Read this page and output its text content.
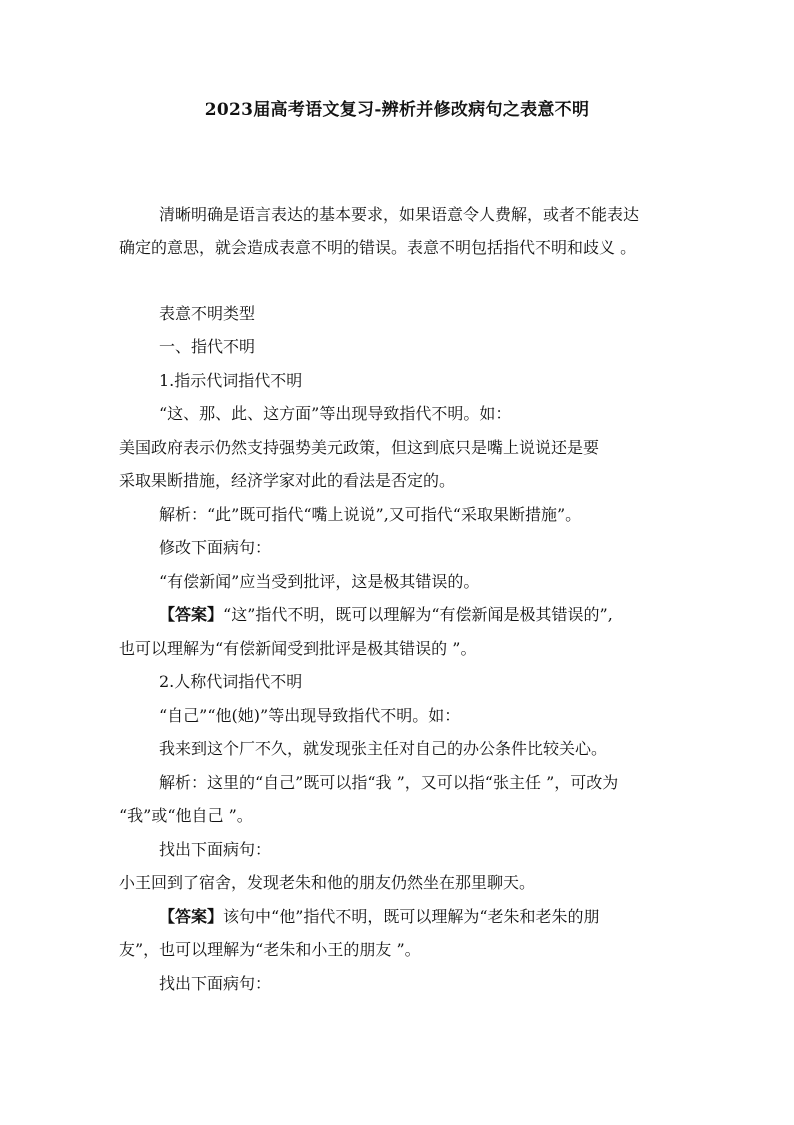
2023届高考语文复习-辨析并修改病句之表意不明
清晰明确是语言表达的基本要求，如果语意令人费解，或者不能表达
确定的意思，就会造成表意不明的错误。表意不明包括指代不明和歧义 。
表意不明类型
一、指代不明
1.指示代词指代不明
“这、那、此、这方面”等出现导致指代不明。如：
美国政府表示仍然支持强势美元政策，但这到底只是嘴上说说还是要
采取果断措施，经济学家对此的看法是否定的。
解析：“此”既可指代“嘴上说说”,又可指代“采取果断措施”。
修改下面病句：
“有偿新闻”应当受到批评，这是极其错误的。
【答案】“这”指代不明，既可以理解为“有偿新闻是极其错误的”,
也可以理解为“有偿新闻受到批评是极其错误的 ”。
2.人称代词指代不明
“自己”“他(她)”等出现导致指代不明。如：
我来到这个厂不久，就发现张主任对自己的办公条件比较关心。
解析：这里的“自己”既可以指“我 ”，又可以指“张主任 ”，可改为
“我”或“他自己 ”。
找出下面病句：
小王回到了宿舍，发现老朱和他的朋友仍然坐在那里聊天。
【答案】该句中“他”指代不明，既可以理解为“老朱和老朱的朋
友”，也可以理解为“老朱和小王的朋友 ”。
找出下面病句：
